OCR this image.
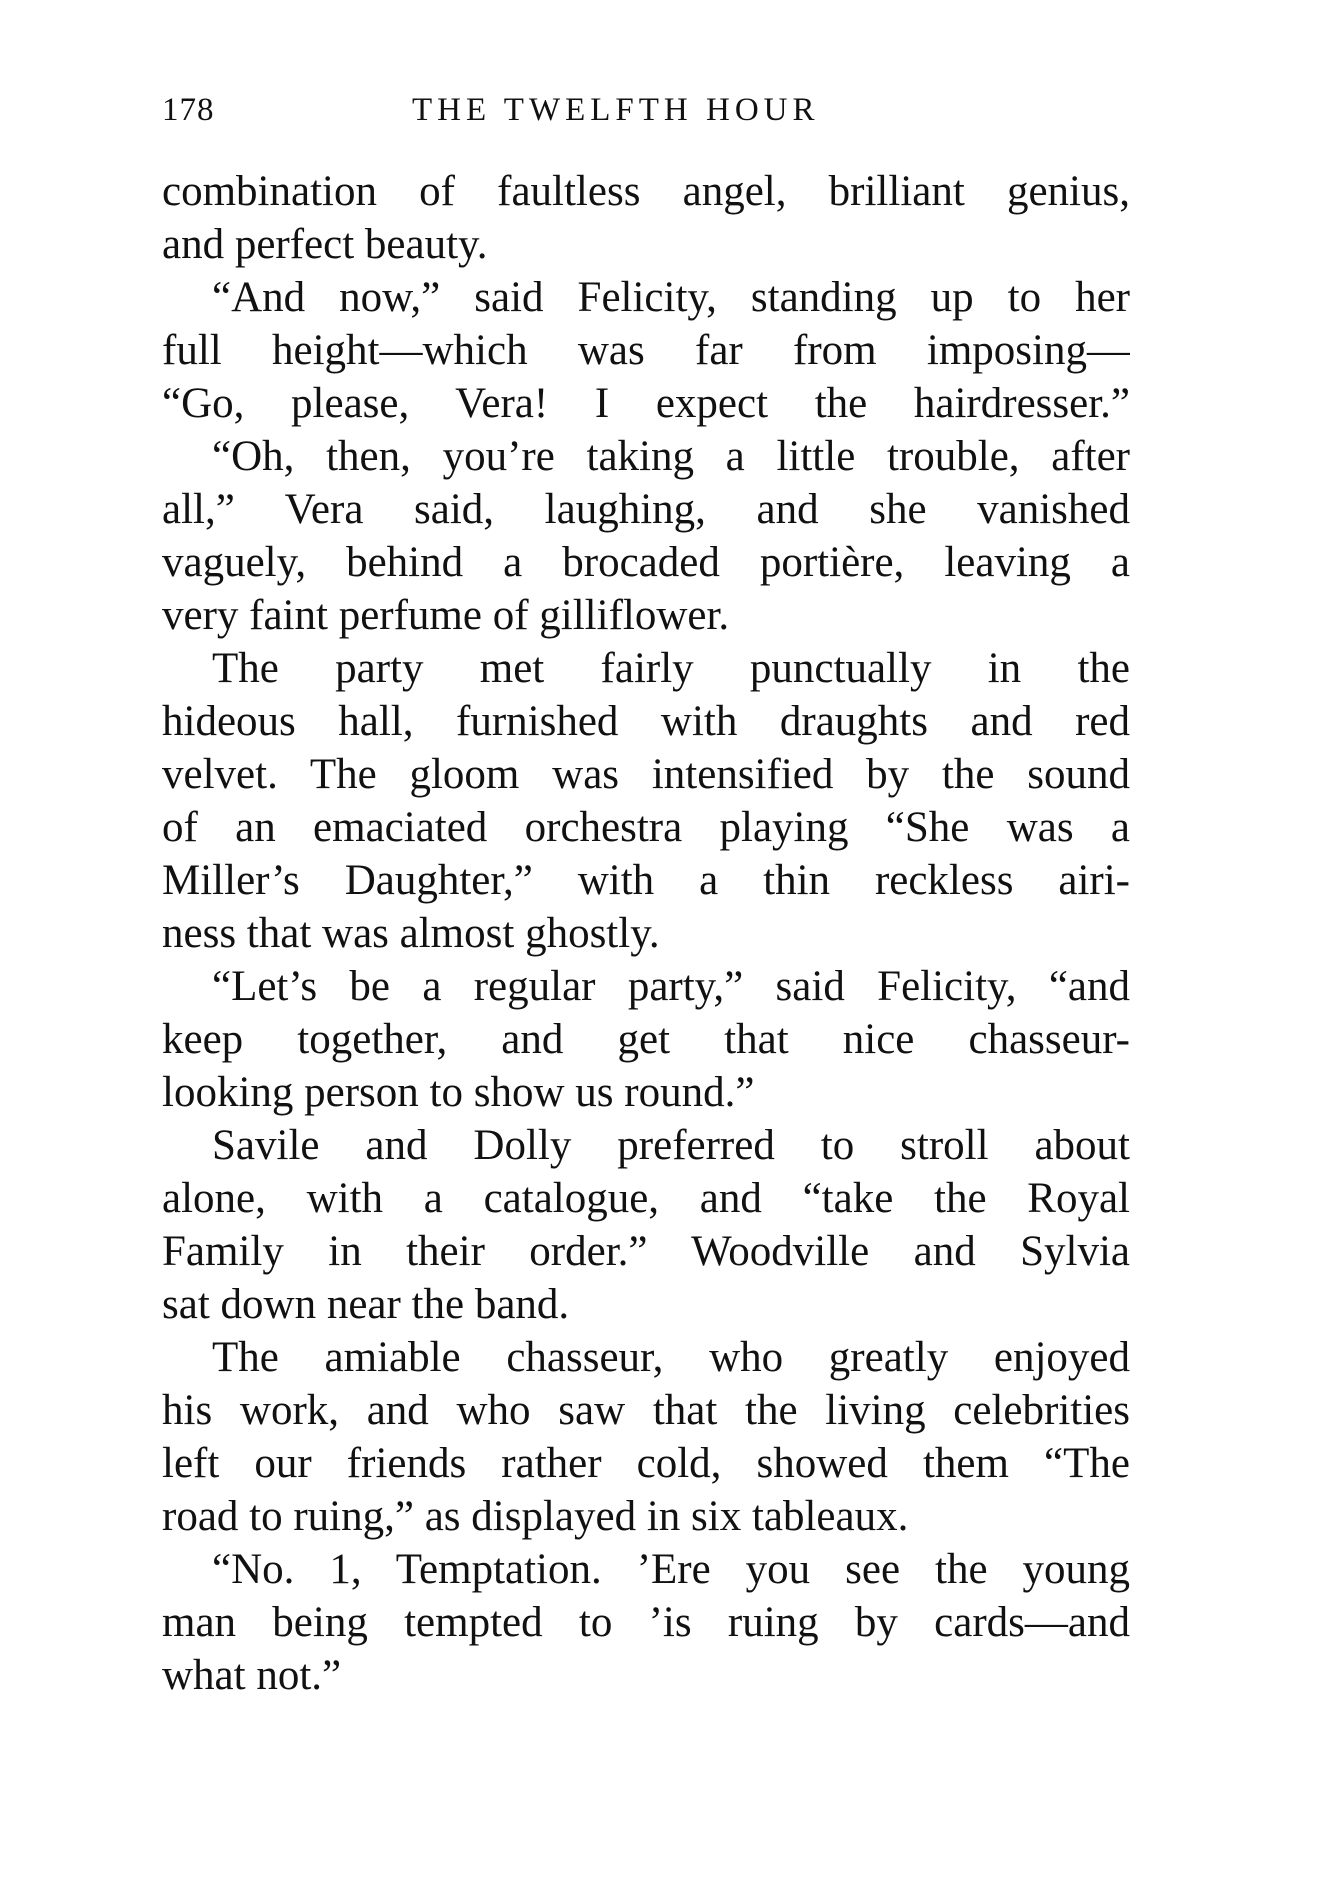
178	THE TWELFTH HOUR
combination of faultless angel, brilliant genius,
and perfect beauty.
“And now,” said Felicity, standing up to her
full height—which was far from imposing—
“Go, please, Vera! I expect the hairdresser.”
“Oh, then, you’re taking a little trouble, after
all,” Vera said, laughing, and she vanished
vaguely, behind a brocaded portière, leaving a
very faint perfume of gilliflower.
The party met fairly punctually in the
hideous hall, furnished with draughts and red
velvet. The gloom was intensified by the sound
of an emaciated orchestra playing “She was a
Miller’s Daughter,” with a thin reckless airi-
ness that was almost ghostly.
“Let’s be a regular party,” said Felicity, “and
keep together, and get that nice chasseur-
looking person to show us round.”
Savile and Dolly preferred to stroll about
alone, with a catalogue, and “take the Royal
Family in their order.” Woodville and Sylvia
sat down near the band.
The amiable chasseur, who greatly enjoyed
his work, and who saw that the living celebrities
left our friends rather cold, showed them “The
road to ruing,” as displayed in six tableaux.
“No. 1, Temptation. ’Ere you see the young
man being tempted to ’is ruing by cards—and
what not.”
